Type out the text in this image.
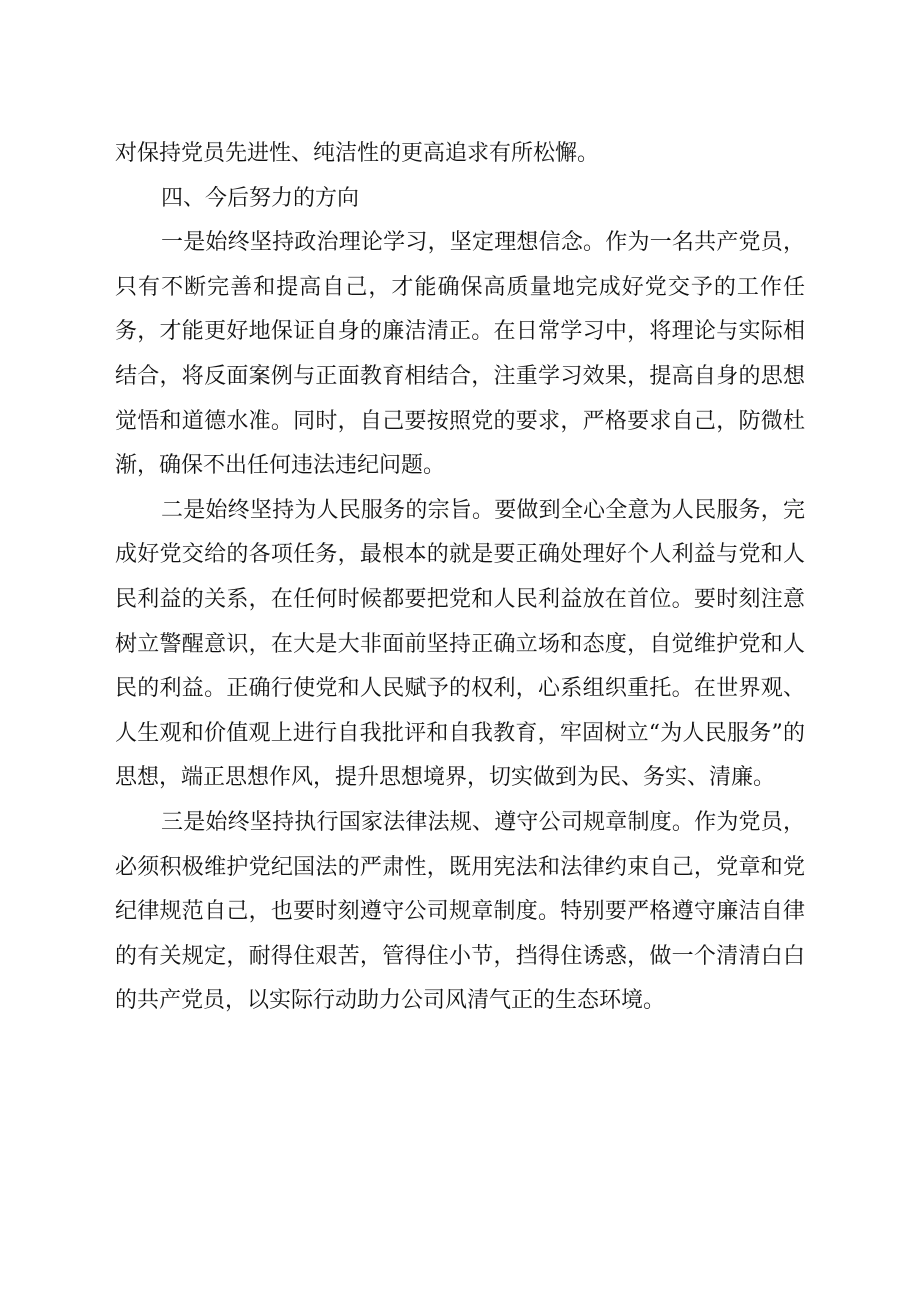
对保持党员先进性、纯洁性的更高追求有所松懈。

四、今后努力的方向

一是始终坚持政治理论学习，坚定理想信念。作为一名共产党员，只有不断完善和提高自己，才能确保高质量地完成好党交予的工作任务，才能更好地保证自身的廉洁清正。在日常学习中，将理论与实际相结合，将反面案例与正面教育相结合，注重学习效果，提高自身的思想觉悟和道德水准。同时，自己要按照党的要求，严格要求自己，防微杜渐，确保不出任何违法违纪问题。

二是始终坚持为人民服务的宗旨。要做到全心全意为人民服务，完成好党交给的各项任务，最根本的就是要正确处理好个人利益与党和人民利益的关系，在任何时候都要把党和人民利益放在首位。要时刻注意树立警醒意识，在大是大非面前坚持正确立场和态度，自觉维护党和人民的利益。正确行使党和人民赋予的权利，心系组织重托。在世界观、人生观和价值观上进行自我批评和自我教育，牢固树立“为人民服务”的思想，端正思想作风，提升思想境界，切实做到为民、务实、清廉。

三是始终坚持执行国家法律法规、遵守公司规章制度。作为党员，必须积极维护党纪国法的严肃性，既用宪法和法律约束自己，党章和党纪律规范自己，也要时刻遵守公司规章制度。特别要严格遵守廉洁自律的有关规定，耐得住艰苦，管得住小节，挡得住诱惑，做一个清清白白的共产党员，以实际行动助力公司风清气正的生态环境。
